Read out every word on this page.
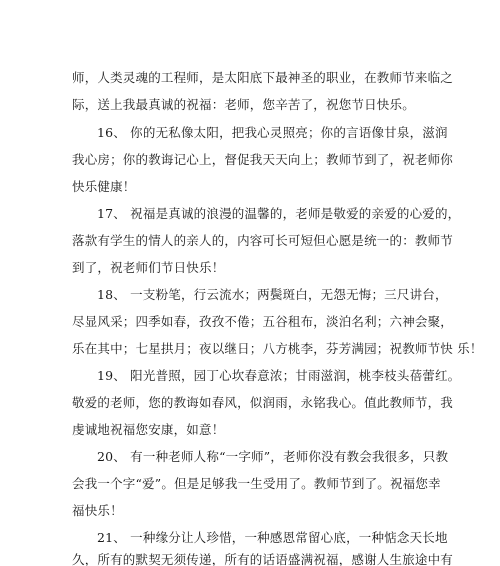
师，人类灵魂的工程师，是太阳底下最神圣的职业，在教师节来临之
际，送上我最真诚的祝福：老师，您辛苦了，祝您节日快乐。
16、 你的无私像太阳，把我心灵照亮；你的言语像甘泉，滋润
我心房；你的教诲记心上，督促我天天向上；教师节到了，祝老师你
快乐健康！
17、 祝福是真诚的浪漫的温馨的，老师是敬爱的亲爱的心爱的，
落款有学生的情人的亲人的，内容可长可短但心愿是统一的：教师节
到了，祝老师们节日快乐！
18、 一支粉笔，行云流水；两鬓斑白，无怨无悔；三尺讲台，
尽显风采；四季如春，孜孜不倦；五谷租布，淡泊名利；六神会聚，
乐在其中；七星拱月；夜以继日；八方桃李，芬芳满园；祝教师节快 乐！
19、 阳光普照，园丁心坎春意浓；甘雨滋润，桃李枝头蓓蕾红。
敬爱的老师，您的教诲如春风，似润雨，永铭我心。值此教师节，我
虔诚地祝福您安康，如意！
20、 有一种老师人称“一字师”，老师你没有教会我很多，只教
会我一个字“爱”。但是足够我一生受用了。教师节到了。祝福您幸
福快乐！
21、 一种缘分让人珍惜，一种感恩常留心底，一种惦念天长地
久，所有的默契无须传递，所有的话语盛满祝福，感谢人生旅途中有
